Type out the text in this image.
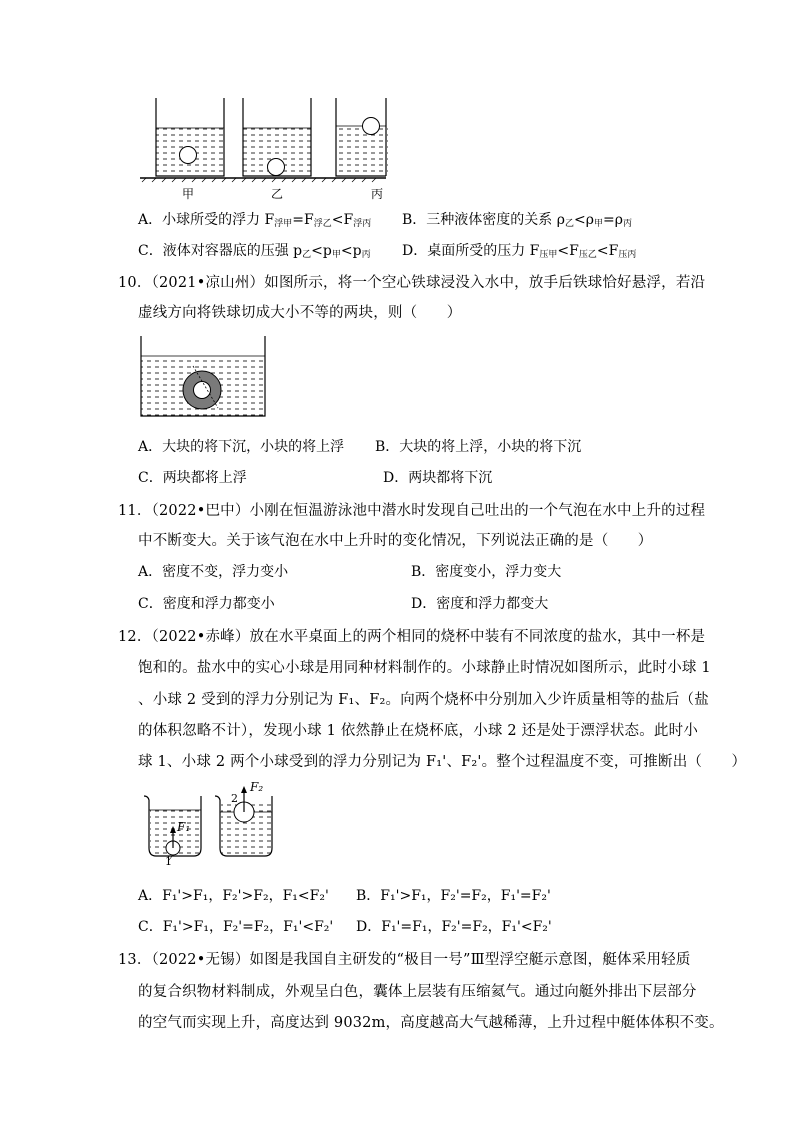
甲	乙	丙
A．小球所受的浮力 $F_{浮甲}=F_{浮乙}<F_{浮丙}$ B．三种液体密度的关系 $\rho_乙<\rho_甲=\rho_丙$
C．液体对容器底的压强 $p_乙<p_甲<p_丙$ D．桌面所受的压力 $F_{压甲}<F_{压乙}<F_{压丙}$
10．（2021•凉山州）如图所示，将一个空心铁球浸没入水中，放手后铁球恰好悬浮，若沿
虚线方向将铁球切成大小不等的两块，则（　　）
A．大块的将下沉，小块的将上浮 B．大块的将上浮，小块的将下沉
C．两块都将上浮	D．两块都将下沉
11．（2022•巴中）小刚在恒温游泳池中潜水时发现自己吐出的一个气泡在水中上升的过程
中不断变大。关于该气泡在水中上升时的变化情况，下列说法正确的是（　　）
A．密度不变，浮力变小	B．密度变小，浮力变大
C．密度和浮力都变小	D．密度和浮力都变大
12．（2022•赤峰）放在水平桌面上的两个相同的烧杯中装有不同浓度的盐水，其中一杯是
饱和的。盐水中的实心小球是用同种材料制作的。小球静止时情况如图所示，此时小球 1
、小球 2 受到的浮力分别记为 F₁、F₂。向两个烧杯中分别加入少许质量相等的盐后（盐
的体积忽略不计），发现小球 1 依然静止在烧杯底，小球 2 还是处于漂浮状态。此时小
球 1、小球 2 两个小球受到的浮力分别记为 F₁'、F₂'。整个过程温度不变，可推断出（　　）
F₁
1
2
F₂
A．F₁'>F₁，F₂'>F₂，F₁<F₂' B．F₁'>F₁，F₂'=F₂，F₁'=F₂'
C．F₁'>F₁，F₂'=F₂，F₁'<F₂' D．F₁'=F₁，F₂'=F₂，F₁'<F₂'
13．（2022•无锡）如图是我国自主研发的“极目一号”Ⅲ型浮空艇示意图，艇体采用轻质
的复合织物材料制成，外观呈白色，囊体上层装有压缩氦气。通过向艇外排出下层部分
的空气而实现上升，高度达到 9032m，高度越高大气越稀薄，上升过程中艇体体积不变。
